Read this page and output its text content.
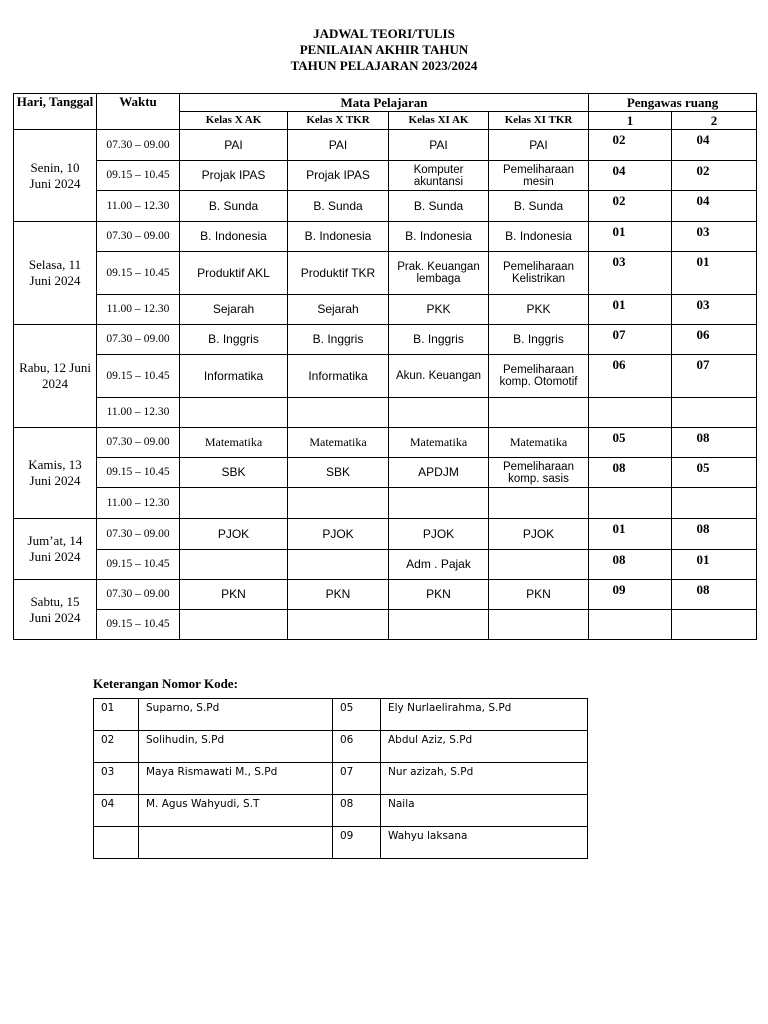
JADWAL TEORI/TULIS
PENILAIAN AKHIR TAHUN
TAHUN PELAJARAN 2023/2024
Hari, Tanggal	Waktu	Mata Pelajaran				Pengawas ruang	
		Kelas X AK	Kelas X TKR	Kelas XI AK	Kelas XI TKR	1	2
Senin, 10 Juni 2024	07.30 – 09.00	PAI	PAI	PAI	PAI	02	04
	09.15 – 10.45	Projak IPAS	Projak IPAS	Komputer akuntansi	Pemeliharaan mesin	04	02
	11.00 – 12.30	B. Sunda	B. Sunda	B. Sunda	B. Sunda	02	04
Selasa, 11 Juni 2024	07.30 – 09.00	B. Indonesia	B. Indonesia	B. Indonesia	B. Indonesia	01	03
	09.15 – 10.45	Produktif AKL	Produktif TKR	Prak. Keuangan lembaga	Pemeliharaan Kelistrikan	03	01
	11.00 – 12.30	Sejarah	Sejarah	PKK	PKK	01	03
Rabu, 12 Juni 2024	07.30 – 09.00	B. Inggris	B. Inggris	B. Inggris	B. Inggris	07	06
	09.15 – 10.45	Informatika	Informatika	Akun. Keuangan	Pemeliharaan komp. Otomotif	06	07
	11.00 – 12.30						
Kamis, 13 Juni 2024	07.30 – 09.00	Matematika	Matematika	Matematika	Matematika	05	08
	09.15 – 10.45	SBK	SBK	APDJM	Pemeliharaan komp. sasis	08	05
	11.00 – 12.30						
Jum’at, 14 Juni 2024	07.30 – 09.00	PJOK	PJOK	PJOK	PJOK	01	08
	09.15 – 10.45			Adm . Pajak		08	01
Sabtu, 15 Juni 2024	07.30 – 09.00	PKN	PKN	PKN	PKN	09	08
	09.15 – 10.45						
Keterangan Nomor Kode:
01	Suparno, S.Pd	05	Ely Nurlaelirahma, S.Pd
02	Solihudin, S.Pd	06	Abdul Aziz, S.Pd
03	Maya Rismawati M., S.Pd	07	Nur azizah, S.Pd
04	M. Agus Wahyudi, S.T	08	Naila
		09	Wahyu laksana
